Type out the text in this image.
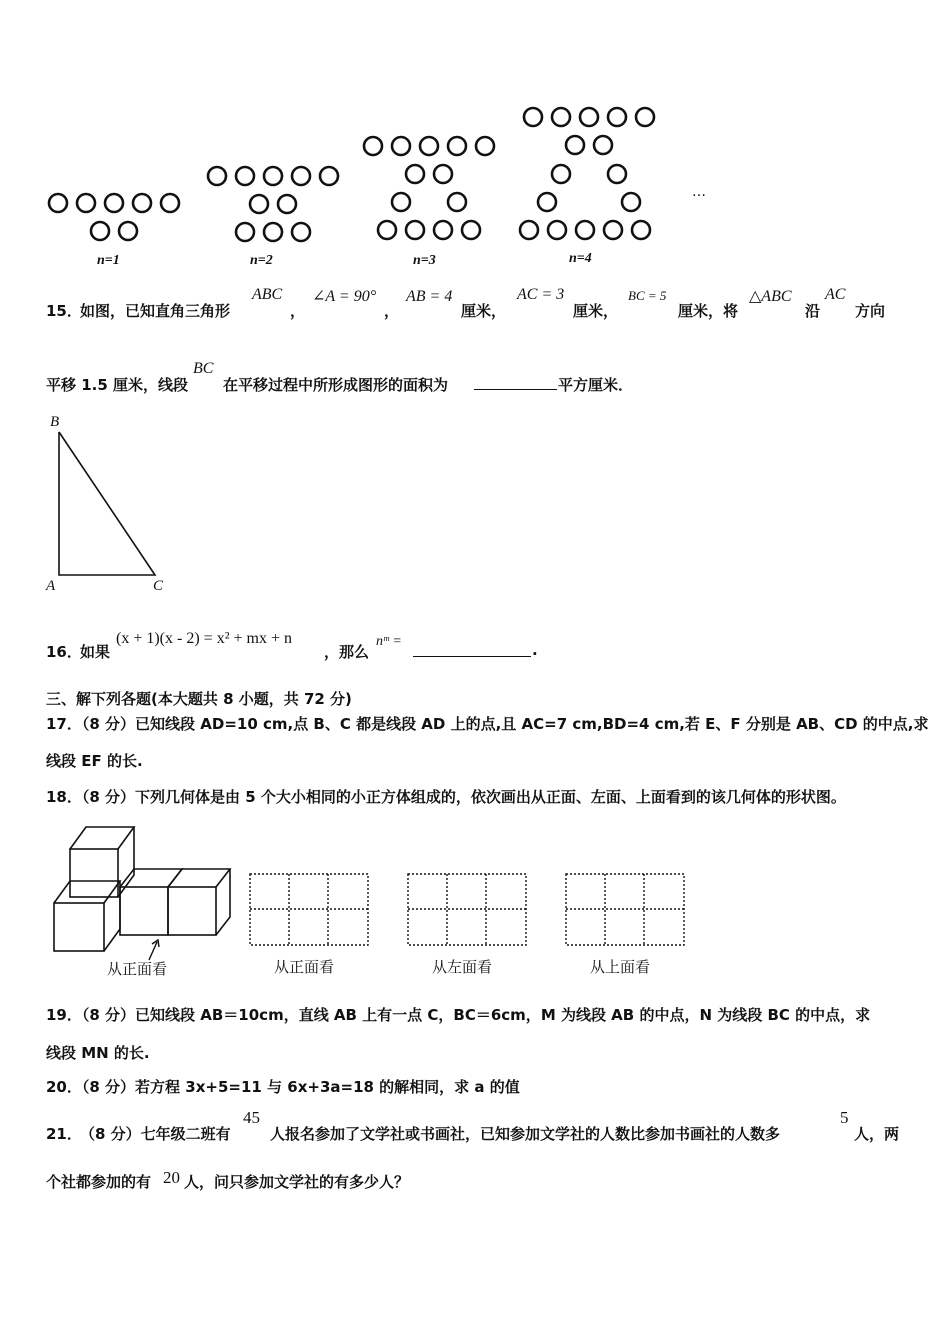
n=1	n=2	n=3	n=4
…
15．
如图，已知直角三角形
ABC
，
∠A = 90°
，
AB = 4
厘米，
AC = 3
厘米，
BC = 5
厘米，将
△ABC
沿
AC
方向
平移 1.5 厘米，线段
BC
在平移过程中所形成图形的面积为	平方厘米．
B
A	C
16．
如果
(x + 1)(x - 2) = x² + mx + n
，那么
nᵐ =	.
三、解下列各题(本大题共 8 小题，共 72 分)
17．（8 分）已知线段 AD=10 cm,点 B、C 都是线段 AD 上的点,且 AC=7 cm,BD=4 cm,若 E、F 分别是 AB、CD 的中点,求
线段 EF 的长.
18．（8 分）下列几何体是由 5 个大小相同的小正方体组成的，依次画出从正面、左面、上面看到的该几何体的形状图。
从正面看	从正面看	从左面看	从上面看
19．（8 分）已知线段 AB＝10cm，直线 AB 上有一点 C，BC＝6cm，M 为线段 AB 的中点，N 为线段 BC 的中点，求
线段 MN 的长.
20．（8 分）若方程 3x+5=11 与 6x+3a=18 的解相同，求 a 的值
21．
（8 分）七年级二班有
45
人报名参加了文学社或书画社，已知参加文学社的人数比参加书画社的人数多
5
人，两
个社都参加的有 20 人，问只参加文学社的有多少人？
